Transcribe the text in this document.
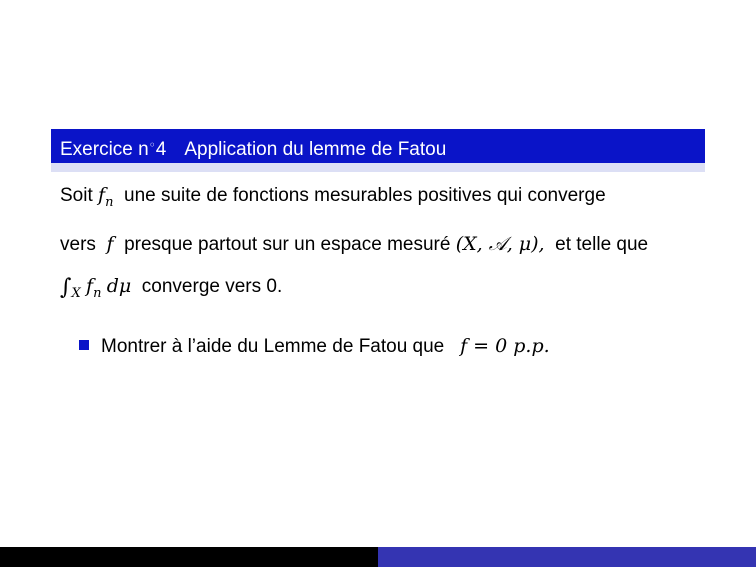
Exercice n◦4 Application du lemme de Fatou
Soit $f_n$ une suite de fonctions mesurables positives qui converge
vers f presque partout sur un espace mesuré (X, 𝒜, μ), et telle que
$\int_X$ $f_n$ dμ converge vers 0.
Montrer à l’aide du Lemme de Fatou que f = 0 p.p.
